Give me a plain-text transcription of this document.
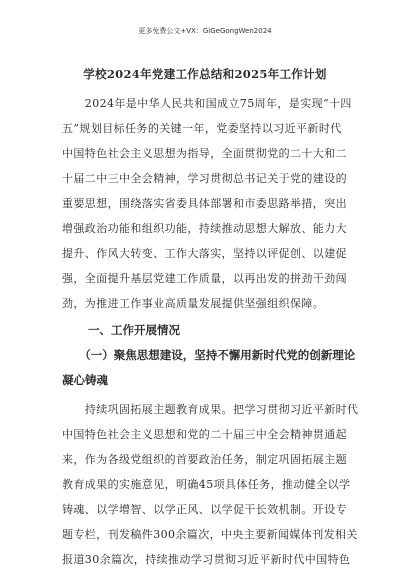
更多免费公文+VX：GiGeGongWen2024
学校2024年党建工作总结和2025年工作计划
　　2024年是中华人民共和国成立75周年，是实现“十四
五”规划目标任务的关键一年，党委坚持以习近平新时代
中国特色社会主义思想为指导，全面贯彻党的二十大和二
十届二中三中全会精神，学习贯彻总书记关于党的建设的
重要思想，围绕落实省委具体部署和市委思路举措，突出
增强政治功能和组织功能，持续推动思想大解放、能力大
提升、作风大转变、工作大落实，坚持以评促创、以建促
强，全面提升基层党建工作质量，以再出发的拼劲干劲闯
劲，为推进工作事业高质量发展提供坚强组织保障。
一、工作开展情况
　　（一）聚焦思想建设，坚持不懈用新时代党的创新理论
凝心铸魂
　　持续巩固拓展主题教育成果。把学习贯彻习近平新时代
中国特色社会主义思想和党的二十届三中全会精神贯通起
来，作为各级党组织的首要政治任务，制定巩固拓展主题
教育成果的实施意见，明确45项具体任务，推动健全以学
铸魂、以学增智、以学正风、以学促干长效机制。开设专
题专栏，刊发稿件300余篇次，中央主要新闻媒体刊发相关
报道30余篇次，持续推动学习贯彻习近平新时代中国特色
